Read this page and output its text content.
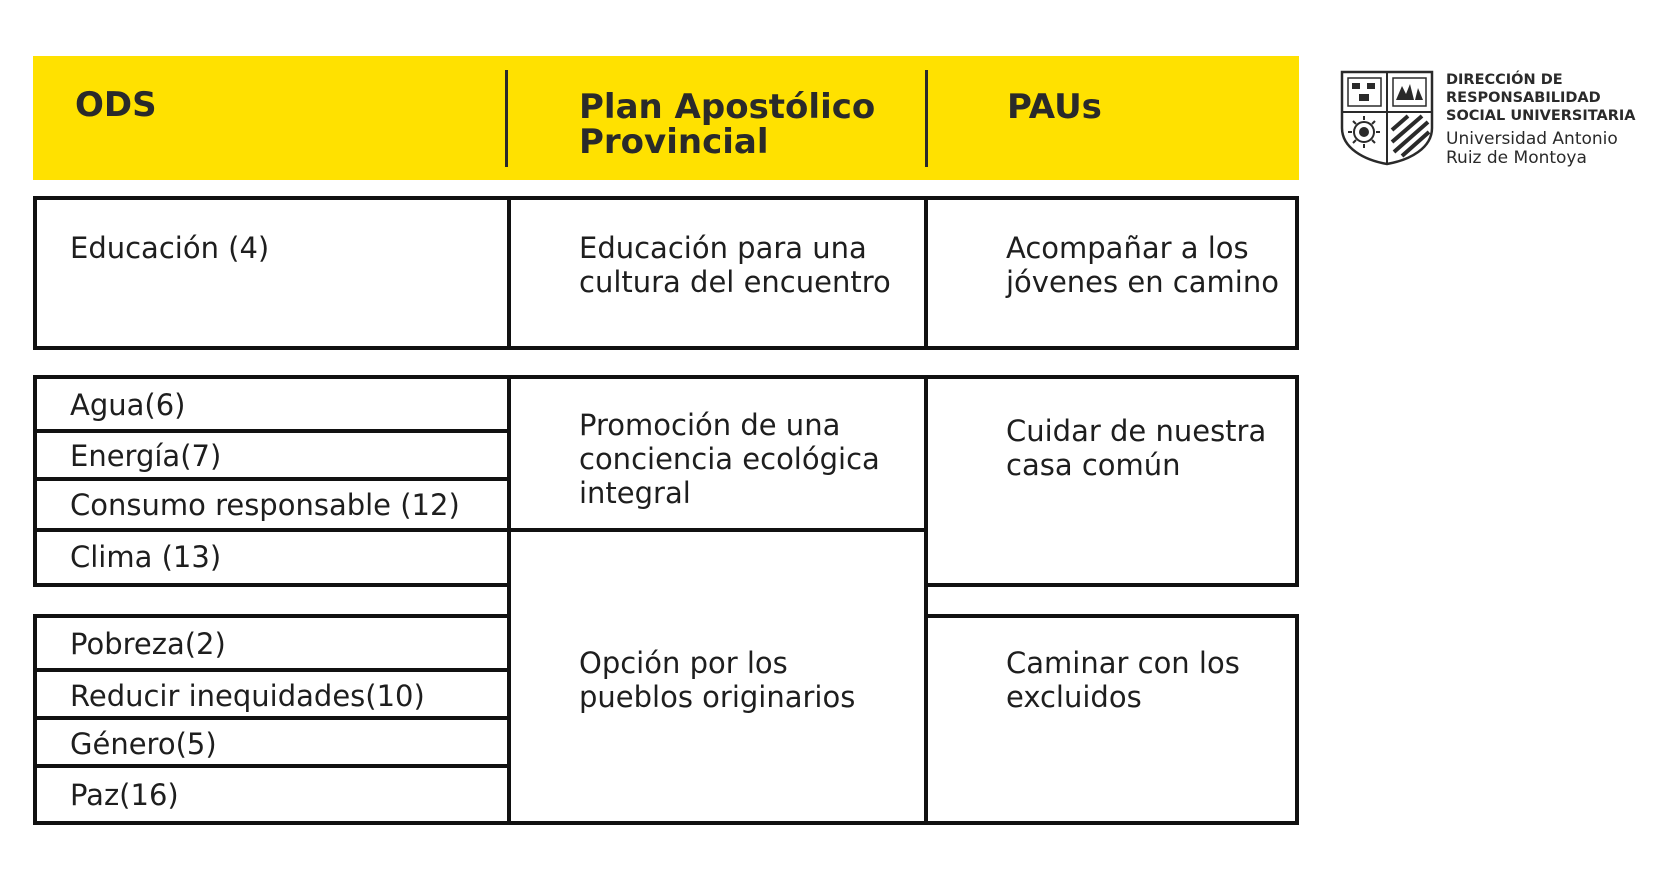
ODS	Plan Apostólico
Provincial
PAUs
Educación (4)	Educación para una
cultura del encuentro
Acompañar a los
jóvenes en camino
Agua(6)
Energía(7)
Consumo responsable (12)
Clima (13)
Pobreza(2)
Reducir inequidades(10)
Género(5)
Paz(16)
Promoción de una
conciencia ecológica
integral
Opción por los
pueblos originarios
Cuidar de nuestra
casa común
Caminar con los
excluidos
DIRECCIÓN DE
RESPONSABILIDAD
SOCIAL UNIVERSITARIA
Universidad Antonio
Ruiz de Montoya
